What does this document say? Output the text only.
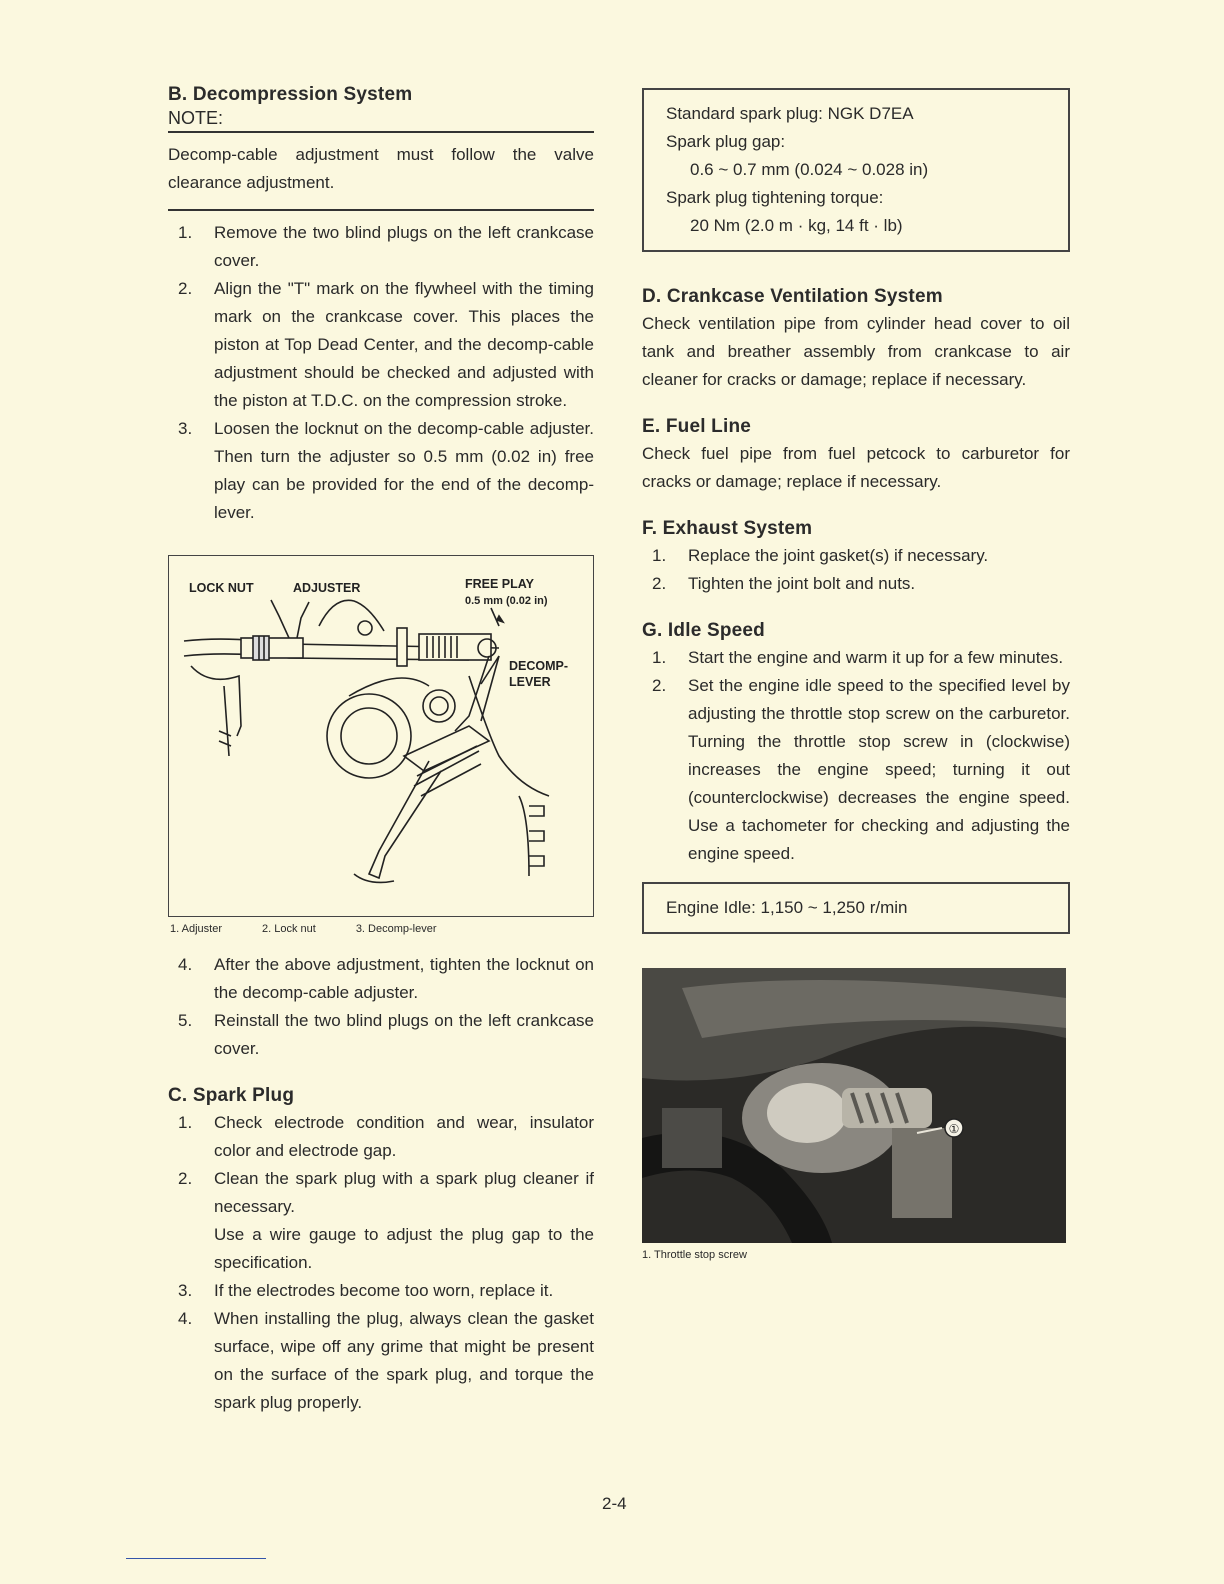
B. Decompression System
NOTE:
Decomp-cable adjustment must follow the valve clearance adjustment.
1. Remove the two blind plugs on the left crankcase cover.
2. Align the "T" mark on the flywheel with the timing mark on the crankcase cover. This places the piston at Top Dead Center, and the decomp-cable adjustment should be checked and adjusted with the piston at T.D.C. on the compression stroke.
3. Loosen the locknut on the decomp-cable adjuster. Then turn the adjuster so 0.5 mm (0.02 in) free play can be provided for the end of the decomp-lever.
LOCK NUT	ADJUSTER	FREE PLAY
0.5 mm (0.02 in)
DECOMP-
LEVER
1. Adjuster	2. Lock nut	3. Decomp-lever
4. After the above adjustment, tighten the locknut on the decomp-cable adjuster.
5. Reinstall the two blind plugs on the left crankcase cover.
C. Spark Plug
1. Check electrode condition and wear, insulator color and electrode gap.
2. Clean the spark plug with a spark plug cleaner if necessary.
Use a wire gauge to adjust the plug gap to the specification.
3. If the electrodes become too worn, replace it.
4. When installing the plug, always clean the gasket surface, wipe off any grime that might be present on the surface of the spark plug, and torque the spark plug properly.
Standard spark plug: NGK D7EA
Spark plug gap:
0.6 ~ 0.7 mm (0.024 ~ 0.028 in)
Spark plug tightening torque:
20 Nm (2.0 m · kg, 14 ft · lb)
D. Crankcase Ventilation System

Check ventilation pipe from cylinder head cover to oil tank and breather assembly from crankcase to air cleaner for cracks or damage; replace if necessary.

E. Fuel Line

Check fuel pipe from fuel petcock to carburetor for cracks or damage; replace if necessary.

F. Exhaust System
1. Replace the joint gasket(s) if necessary.
2. Tighten the joint bolt and nuts.
G. Idle Speed
1. Start the engine and warm it up for a few minutes.
2. Set the engine idle speed to the specified level by adjusting the throttle stop screw on the carburetor. Turning the throttle stop screw in (clockwise) increases the engine speed; turning it out (counterclockwise) decreases the engine speed. Use a tachometer for checking and adjusting the engine speed.
Engine Idle: 1,150 ~ 1,250 r/min
①
1. Throttle stop screw
2-4
